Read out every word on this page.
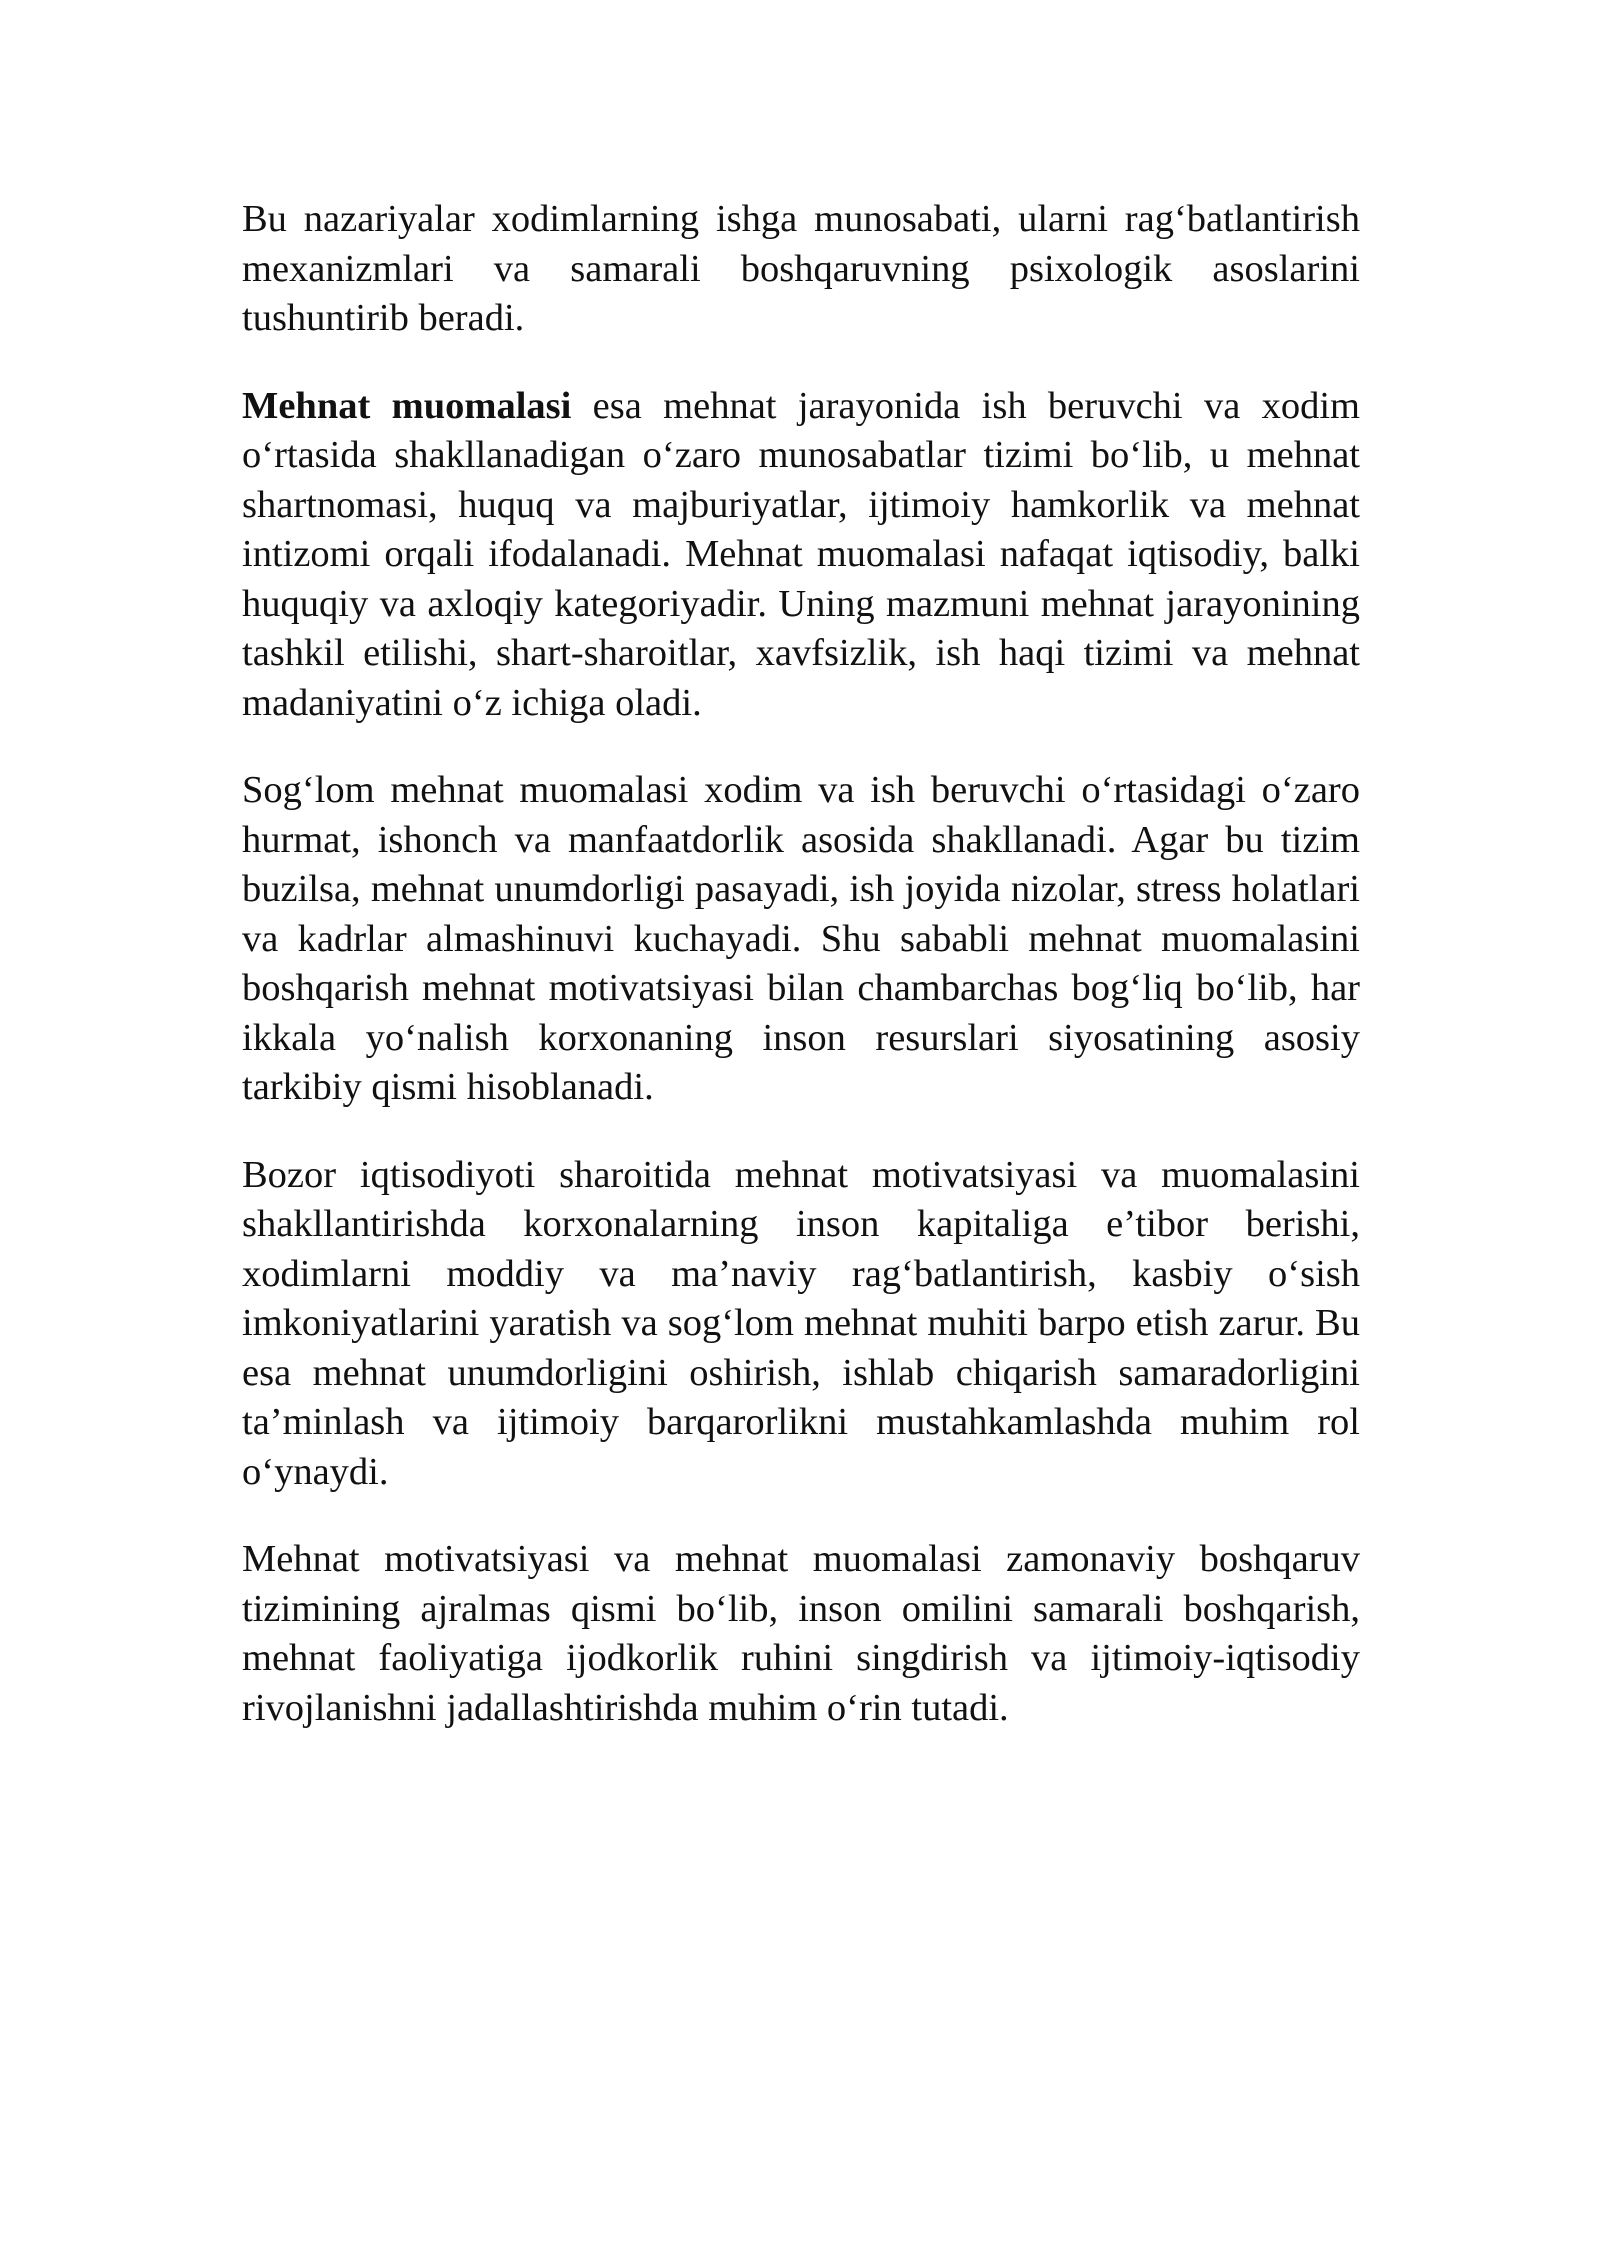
Bu nazariyalar xodimlarning ishga munosabati, ularni rag‘batlantirish mexanizmlari va samarali boshqaruvning psixologik asoslarini tushuntirib beradi.

Mehnat muomalasi esa mehnat jarayonida ish beruvchi va xodim o‘rtasida shakllanadigan o‘zaro munosabatlar tizimi bo‘lib, u mehnat shartnomasi, huquq va majburiyatlar, ijtimoiy hamkorlik va mehnat intizomi orqali ifodalanadi. Mehnat muomalasi nafaqat iqtisodiy, balki huquqiy va axloqiy kategoriyadir. Uning mazmuni mehnat jarayonining tashkil etilishi, shart-sharoitlar, xavfsizlik, ish haqi tizimi va mehnat madaniyatini o‘z ichiga oladi.

Sog‘lom mehnat muomalasi xodim va ish beruvchi o‘rtasidagi o‘zaro hurmat, ishonch va manfaatdorlik asosida shakllanadi. Agar bu tizim buzilsa, mehnat unumdorligi pasayadi, ish joyida nizolar, stress holatlari va kadrlar almashinuvi kuchayadi. Shu sababli mehnat muomalasini boshqarish mehnat motivatsiyasi bilan chambarchas bog‘liq bo‘lib, har ikkala yo‘nalish korxonaning inson resurslari siyosatining asosiy tarkibiy qismi hisoblanadi.

Bozor iqtisodiyoti sharoitida mehnat motivatsiyasi va muomalasini shakllantirishda korxonalarning inson kapitaliga e’tibor berishi, xodimlarni moddiy va ma’naviy rag‘batlantirish, kasbiy o‘sish imkoniyatlarini yaratish va sog‘lom mehnat muhiti barpo etish zarur. Bu esa mehnat unumdorligini oshirish, ishlab chiqarish samaradorligini ta’minlash va ijtimoiy barqarorlikni mustahkamlashda muhim rol o‘ynaydi.

Mehnat motivatsiyasi va mehnat muomalasi zamonaviy boshqaruv tizimining ajralmas qismi bo‘lib, inson omilini samarali boshqarish, mehnat faoliyatiga ijodkorlik ruhini singdirish va ijtimoiy-iqtisodiy rivojlanishni jadallashtirishda muhim o‘rin tutadi.
